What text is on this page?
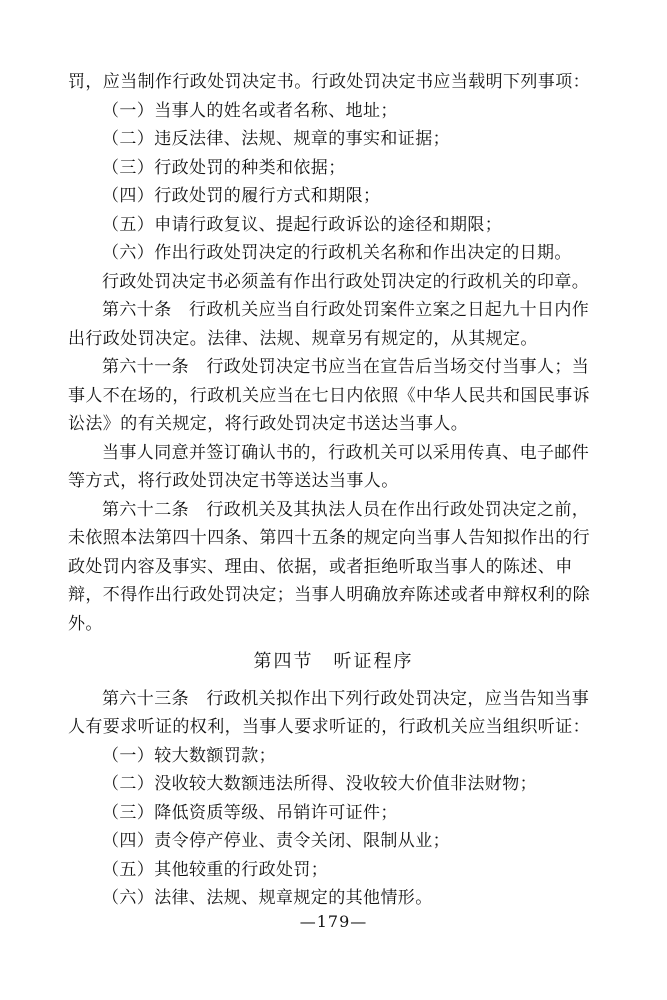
罚，应当制作行政处罚决定书。行政处罚决定书应当载明下列事项：

（一）当事人的姓名或者名称、地址；

（二）违反法律、法规、规章的事实和证据；

（三）行政处罚的种类和依据；

（四）行政处罚的履行方式和期限；

（五）申请行政复议、提起行政诉讼的途径和期限；

（六）作出行政处罚决定的行政机关名称和作出决定的日期。

行政处罚决定书必须盖有作出行政处罚决定的行政机关的印章。

第六十条　行政机关应当自行政处罚案件立案之日起九十日内作出行政处罚决定。法律、法规、规章另有规定的，从其规定。

第六十一条　行政处罚决定书应当在宣告后当场交付当事人；当事人不在场的，行政机关应当在七日内依照《中华人民共和国民事诉讼法》的有关规定，将行政处罚决定书送达当事人。

当事人同意并签订确认书的，行政机关可以采用传真、电子邮件等方式，将行政处罚决定书等送达当事人。

第六十二条　行政机关及其执法人员在作出行政处罚决定之前，未依照本法第四十四条、第四十五条的规定向当事人告知拟作出的行政处罚内容及事实、理由、依据，或者拒绝听取当事人的陈述、申辩，不得作出行政处罚决定；当事人明确放弃陈述或者申辩权利的除外。

第四节　听证程序

第六十三条　行政机关拟作出下列行政处罚决定，应当告知当事人有要求听证的权利，当事人要求听证的，行政机关应当组织听证：

（一）较大数额罚款；

（二）没收较大数额违法所得、没收较大价值非法财物；

（三）降低资质等级、吊销许可证件；

（四）责令停产停业、责令关闭、限制从业；

（五）其他较重的行政处罚；

（六）法律、法规、规章规定的其他情形。

—179—
